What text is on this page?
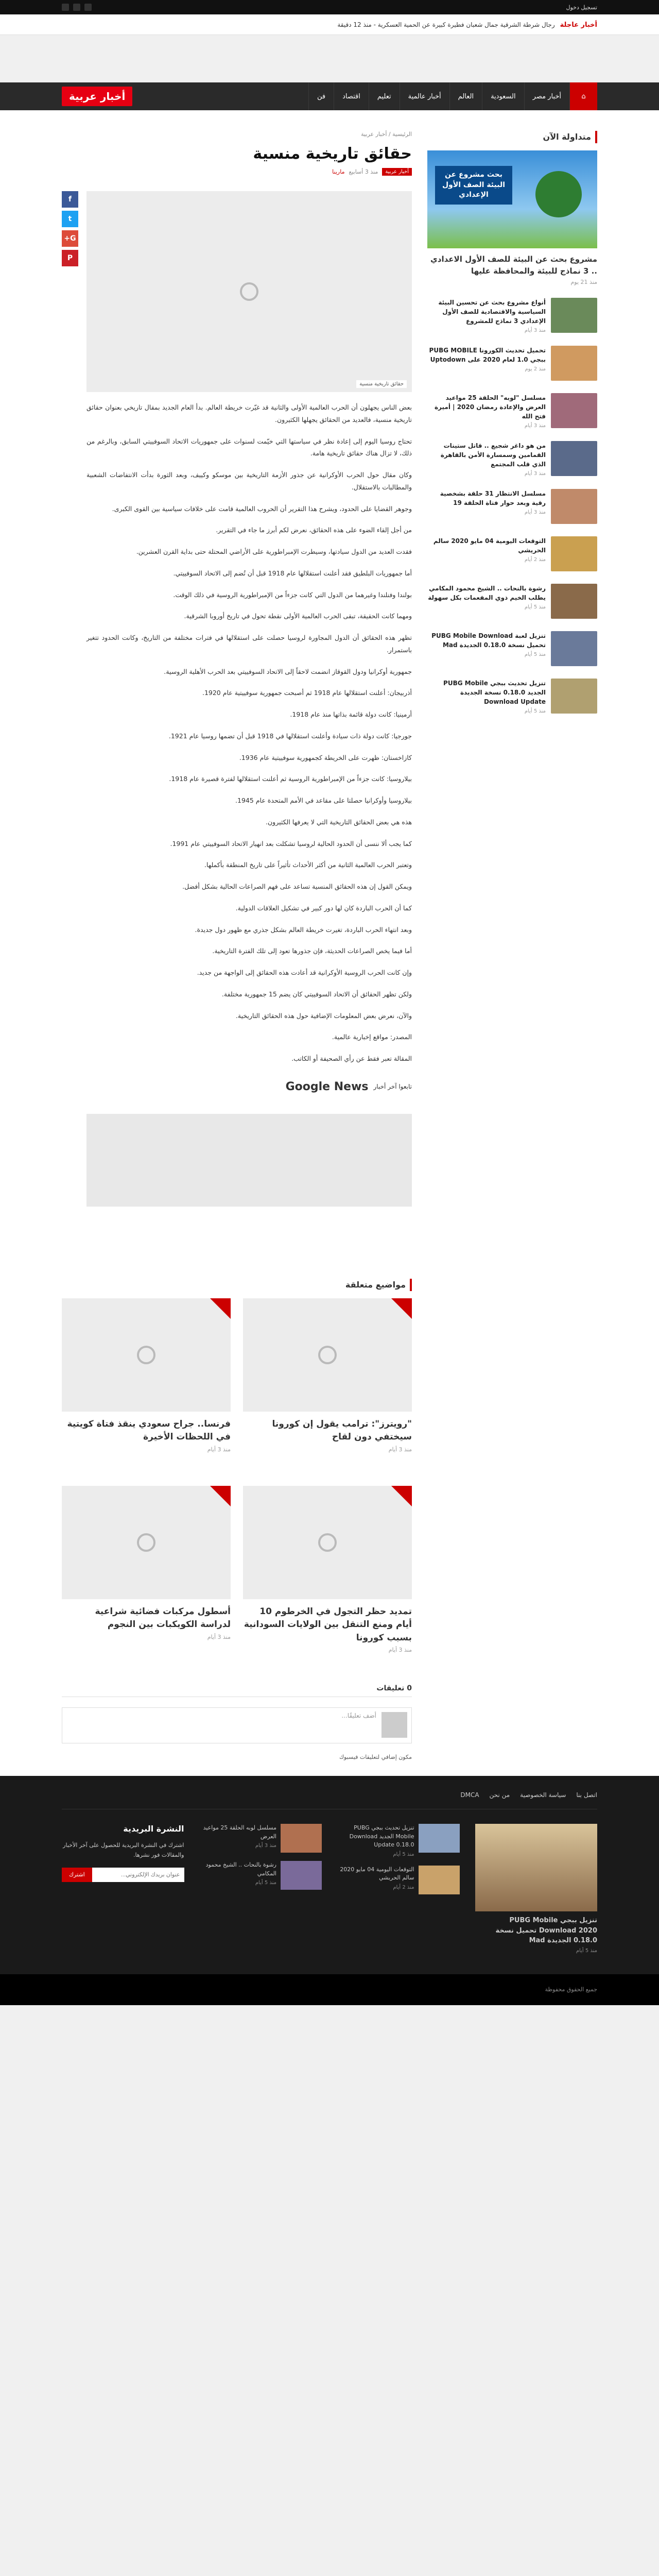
تسجيل دخول
أخبار عاجلة
رجال شرطة الشرقية جمال شعبان فطيرة كبيرة عن الحمية العسكرية - منذ 12 دقيقة
⌂
أخبار مصر
السعودية
العالم
أخبار عالمية
تعليم
اقتصاد
فن
أخبار عربية
متداولة الآن
بحث مشروع عن البيئة الصف الأول الإعدادي
مشروع بحث عن البيئة للصف الأول الاعدادي .. 3 نماذج للبيئة والمحافظة عليها
منذ 21 يوم
أنواع مشروع بحث عن تحسين البيئة السياسية والاقتصادية للصف الأول الإعدادي 3 نماذج للمشروع
منذ 3 أيام
تحميل تحديث الكورونا PUBG MOBILE ببجي 1.0 لعام 2020 على Uptodown
منذ 2 يوم
مسلسل "لوبه" الحلقة 25 مواعيد العرض والإعادة رمضان 2020 | أميرة فتح الله
منذ 3 أيام
من هو داغر شجيع .. قاتل ستينات القمامين وسمسارة الأمن بالقاهرة الذي قلب المجتمع
منذ 3 أيام
مسلسل الانتظار 31 حلقة بشخصية رقية وبعد حوار فتاة الحلقة 19
منذ 3 أيام
التوقعات اليومية 04 مايو 2020 سالم الحريشي
منذ 2 أيام
رشوة بالنحات .. الشيخ محمود المكامي يطلب الخيم ذوي المفعمات بكل سهولة
منذ 5 أيام
تنزيل لعبة PUBG Mobile Download تحميل نسخة 0.18.0 الجديدة Mad
منذ 5 أيام
تنزيل تحديث ببجي PUBG Mobile الجديد 0.18.0 نسخة الجديدة Download Update
منذ 5 أيام
الرئيسية / أخبار عربية
حقائق تاريخية منسية
أخبار عربية
منذ 3 أسابيع
مارينا
حقائق تاريخية منسية

بعض الناس يجهلون أن الحرب العالمية الأولى والثانية قد غيّرت خريطة العالم. بدأ العام الجديد بمقال تاريخي بعنوان حقائق تاريخية منسية، فالعديد من الحقائق يجهلها الكثيرون.

تحتاج روسيا اليوم إلى إعادة نظر في سياستها التي خيّمت لسنوات على جمهوريات الاتحاد السوفييتي السابق، وبالرغم من ذلك، لا تزال هناك حقائق تاريخية هامة.

وكان مقال حول الحرب الأوكرانية عن جذور الأزمة التاريخية بين موسكو وكييف، وبعد الثورة بدأت الانتفاضات الشعبية والمطالبات بالاستقلال.

وجوهر القضايا على الحدود، ويشرح هذا التقرير أن الحروب العالمية قامت على خلافات سياسية بين القوى الكبرى.

من أجل إلقاء الضوء على هذه الحقائق، نعرض لكم أبرز ما جاء في التقرير.

فقدت العديد من الدول سيادتها، وسيطرت الإمبراطورية على الأراضي المحتلة حتى بداية القرن العشرين.

أما جمهوريات البلطيق فقد أعلنت استقلالها عام 1918 قبل أن تُضم إلى الاتحاد السوفييتي.

بولندا وفنلندا وغيرهما من الدول التي كانت جزءاً من الإمبراطورية الروسية في ذلك الوقت.

ومهما كانت الحقيقة، تبقى الحرب العالمية الأولى نقطة تحول في تاريخ أوروبا الشرقية.

تظهر هذه الحقائق أن الدول المجاورة لروسيا حصلت على استقلالها في فترات مختلفة من التاريخ، وكانت الحدود تتغير باستمرار.

جمهورية أوكرانيا ودول القوقاز انضمت لاحقاً إلى الاتحاد السوفييتي بعد الحرب الأهلية الروسية.

أذربيجان: أعلنت استقلالها عام 1918 ثم أصبحت جمهورية سوفييتية عام 1920.

أرمينيا: كانت دولة قائمة بذاتها منذ عام 1918.

جورجيا: كانت دولة ذات سيادة وأعلنت استقلالها في 1918 قبل أن تضمها روسيا عام 1921.

كازاخستان: ظهرت على الخريطة كجمهورية سوفييتية عام 1936.

بيلاروسيا: كانت جزءاً من الإمبراطورية الروسية ثم أعلنت استقلالها لفترة قصيرة عام 1918.

بيلاروسيا وأوكرانيا حصلتا على مقاعد في الأمم المتحدة عام 1945.

هذه هي بعض الحقائق التاريخية التي لا يعرفها الكثيرون.

كما يجب ألا ننسى أن الحدود الحالية لروسيا تشكلت بعد انهيار الاتحاد السوفييتي عام 1991.

وتعتبر الحرب العالمية الثانية من أكثر الأحداث تأثيراً على تاريخ المنطقة بأكملها.

ويمكن القول إن هذه الحقائق المنسية تساعد على فهم الصراعات الحالية بشكل أفضل.

كما أن الحرب الباردة كان لها دور كبير في تشكيل العلاقات الدولية.

وبعد انتهاء الحرب الباردة، تغيرت خريطة العالم بشكل جذري مع ظهور دول جديدة.

أما فيما يخص الصراعات الحديثة، فإن جذورها تعود إلى تلك الفترة التاريخية.

وإن كانت الحرب الروسية الأوكرانية قد أعادت هذه الحقائق إلى الواجهة من جديد.

ولكن تظهر الحقائق أن الاتحاد السوفييتي كان يضم 15 جمهورية مختلفة.

والآن، نعرض بعض المعلومات الإضافية حول هذه الحقائق التاريخية.

المصدر: مواقع إخبارية عالمية.

المقالة تعبر فقط عن رأي الصحيفة أو الكاتب.

تابعوا آخر أخبار
Google News
f
t
G+
P
مواضيع متعلقة
"رويترز": ترامب يقول إن كورونا سيختفي دون لقاح
منذ 3 أيام
فرنسا.. جراح سعودي ينقذ فتاة كويتية في اللحظات الأخيرة
منذ 3 أيام
تمديد حظر التجول في الخرطوم 10 أيام ومنع التنقل بين الولايات السودانية بسبب كورونا
منذ 3 أيام
أسطول مركبات فضائية شراعية لدراسة الكويكبات بين النجوم
منذ 3 أيام
0 تعليقات
أضف تعليقًا...
مكون إضافي لتعليقات فيسبوك
اتصل بنا
سياسة الخصوصية
من نحن
DMCA
تنزيل ببجي PUBG Mobile Download 2020 تحميل نسخة 0.18.0 الجديدة Mad
منذ 5 أيام
تنزيل تحديث ببجي PUBG Mobile الجديد Download Update 0.18.0
منذ 5 أيام
التوقعات اليومية 04 مايو 2020 سالم الحريشي
منذ 2 أيام
مسلسل لوبه الحلقة 25 مواعيد العرض
منذ 3 أيام
رشوة بالنحات .. الشيخ محمود المكامي
منذ 5 أيام
النشرة البريدية
اشترك في النشرة البريدية للحصول على آخر الأخبار والمقالات فور نشرها.
عنوان بريدك الإلكتروني...
اشترك
جميع الحقوق محفوظة
